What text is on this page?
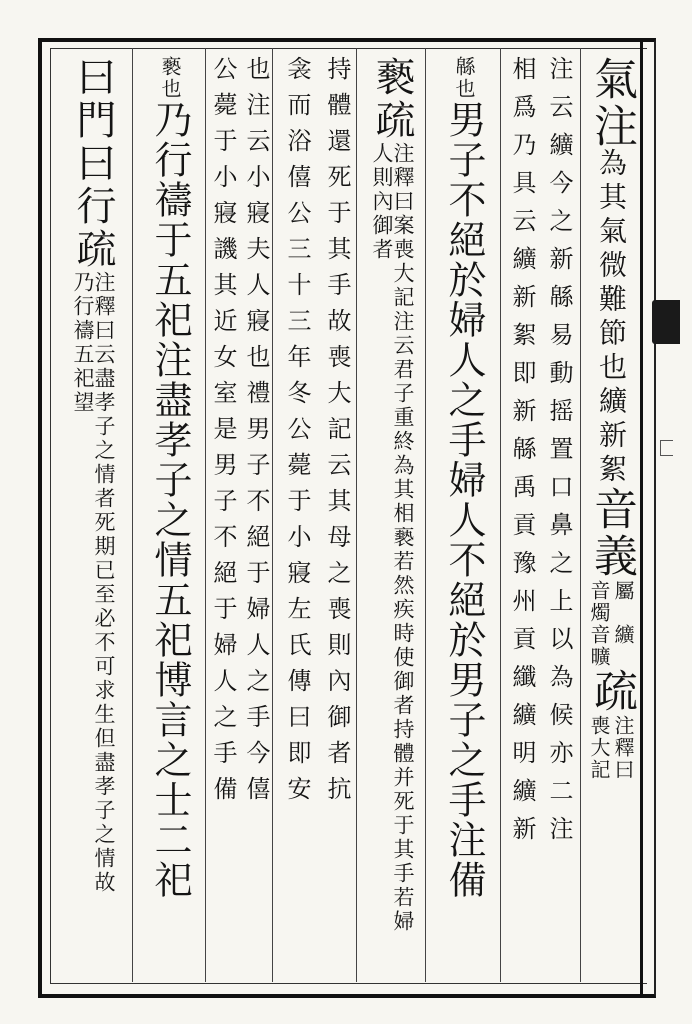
氣注
為其氣微難節也纊新絮
音義
屬
音燭
纊
音曠
疏
注釋曰
喪大記
注云纊今之新緜易動摇置口鼻之上以為候亦二注
相爲乃具云纊新絮即新緜禹貢豫州貢纖纊明纊新
緜也
男子不絕於婦人之手婦人不絕於男子之手注備
褻疏
注釋曰案喪大記注云君子重終為其相褻若然疾時使御者持體并死于其手若婦人則內御者
持體還死于其手故喪大記云其母之喪則內御者抗
衾而浴僖公三十三年冬公薨于小寢左氏傳曰即安
也注云小寢夫人寢也禮男子不絕于婦人之手今僖
公薨于小寢譏其近女室是男子不絕于婦人之手備
褻也
乃行禱于五祀注盡孝子之情五祀博言之士二祀
曰門曰行
疏
注釋曰云盡孝子之情者死期已至必不可求生但盡孝子之情故乃行禱五祀望
